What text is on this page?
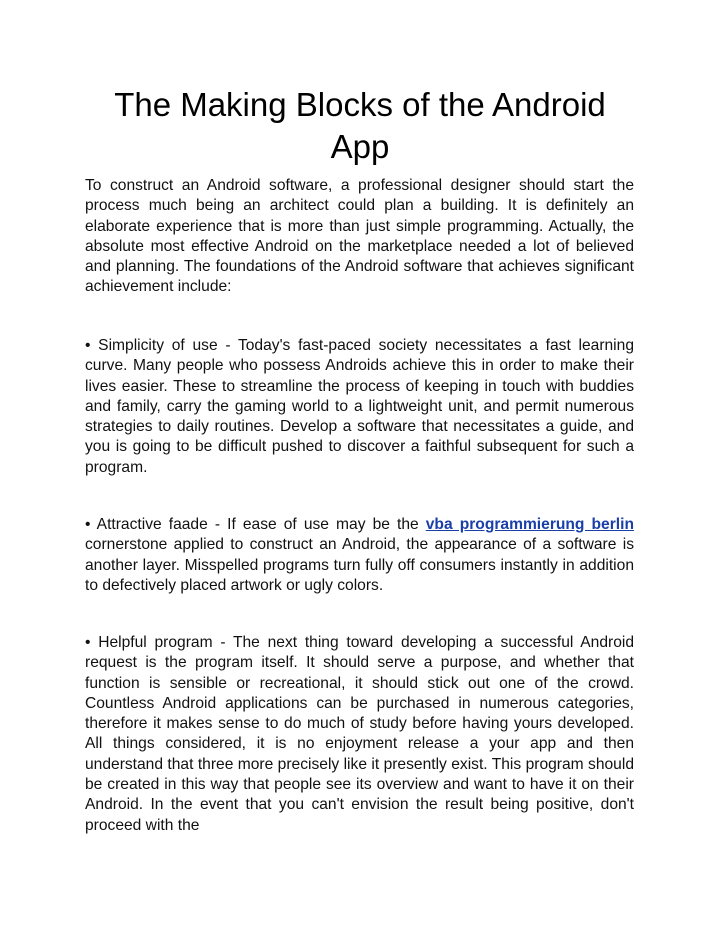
The Making Blocks of the Android App

To construct an Android software, a professional designer should start the process much being an architect could plan a building. It is definitely an elaborate experience that is more than just simple programming. Actually, the absolute most effective Android on the marketplace needed a lot of believed and planning. The foundations of the Android software that achieves significant achievement include:

• Simplicity of use - Today's fast-paced society necessitates a fast learning curve. Many people who possess Androids achieve this in order to make their lives easier. These to streamline the process of keeping in touch with buddies and family, carry the gaming world to a lightweight unit, and permit numerous strategies to daily routines. Develop a software that necessitates a guide, and you is going to be difficult pushed to discover a faithful subsequent for such a program.

• Attractive faade - If ease of use may be the vba programmierung berlin cornerstone applied to construct an Android, the appearance of a software is another layer. Misspelled programs turn fully off consumers instantly in addition to defectively placed artwork or ugly colors.

• Helpful program - The next thing toward developing a successful Android request is the program itself. It should serve a purpose, and whether that function is sensible or recreational, it should stick out one of the crowd. Countless Android applications can be purchased in numerous categories, therefore it makes sense to do much of study before having yours developed. All things considered, it is no enjoyment release a your app and then understand that three more precisely like it presently exist. This program should be created in this way that people see its overview and want to have it on their Android. In the event that you can't envision the result being positive, don't proceed with the
